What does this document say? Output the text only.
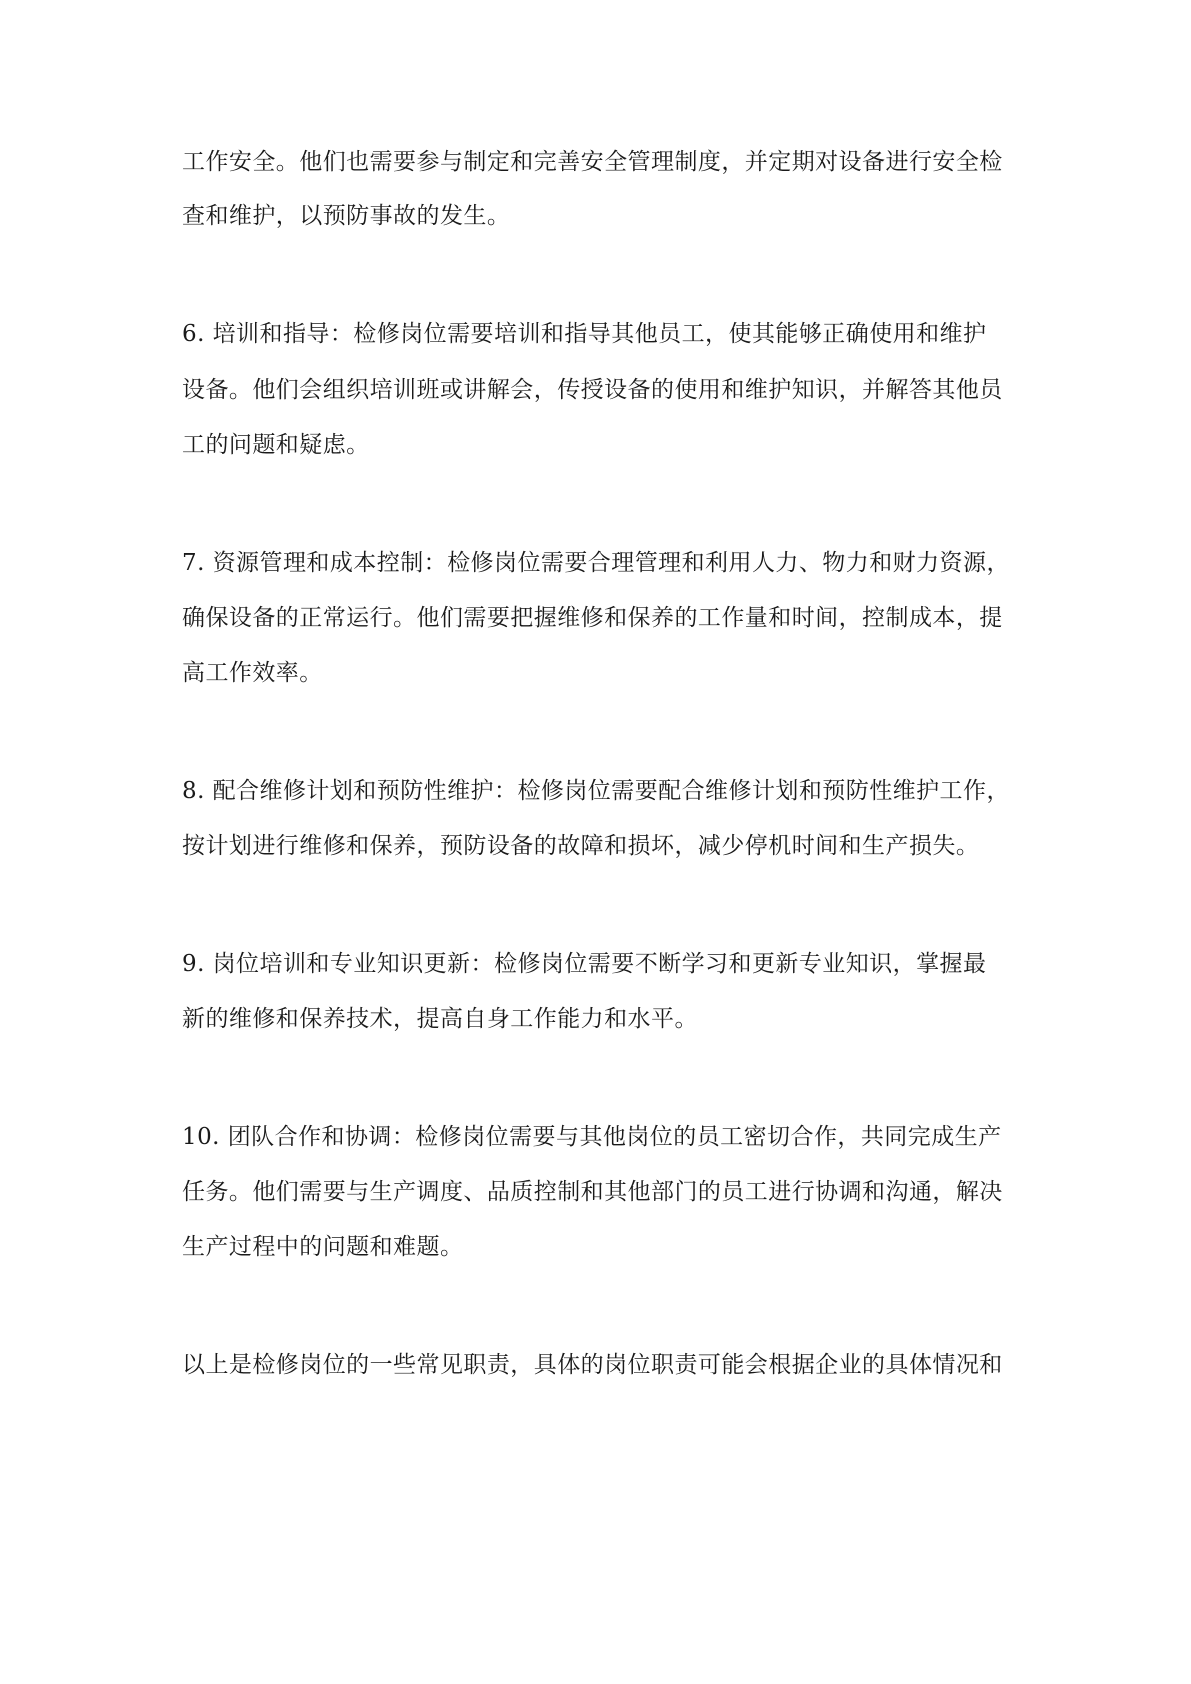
工作安全。他们也需要参与制定和完善安全管理制度，并定期对设备进行安全检
查和维护，以预防事故的发生。
6. 培训和指导：检修岗位需要培训和指导其他员工，使其能够正确使用和维护
设备。他们会组织培训班或讲解会，传授设备的使用和维护知识，并解答其他员
工的问题和疑虑。
7. 资源管理和成本控制：检修岗位需要合理管理和利用人力、物力和财力资源，
确保设备的正常运行。他们需要把握维修和保养的工作量和时间，控制成本，提
高工作效率。
8. 配合维修计划和预防性维护：检修岗位需要配合维修计划和预防性维护工作，
按计划进行维修和保养，预防设备的故障和损坏，减少停机时间和生产损失。
9. 岗位培训和专业知识更新：检修岗位需要不断学习和更新专业知识，掌握最
新的维修和保养技术，提高自身工作能力和水平。
10. 团队合作和协调：检修岗位需要与其他岗位的员工密切合作，共同完成生产
任务。他们需要与生产调度、品质控制和其他部门的员工进行协调和沟通，解决
生产过程中的问题和难题。
以上是检修岗位的一些常见职责，具体的岗位职责可能会根据企业的具体情况和
